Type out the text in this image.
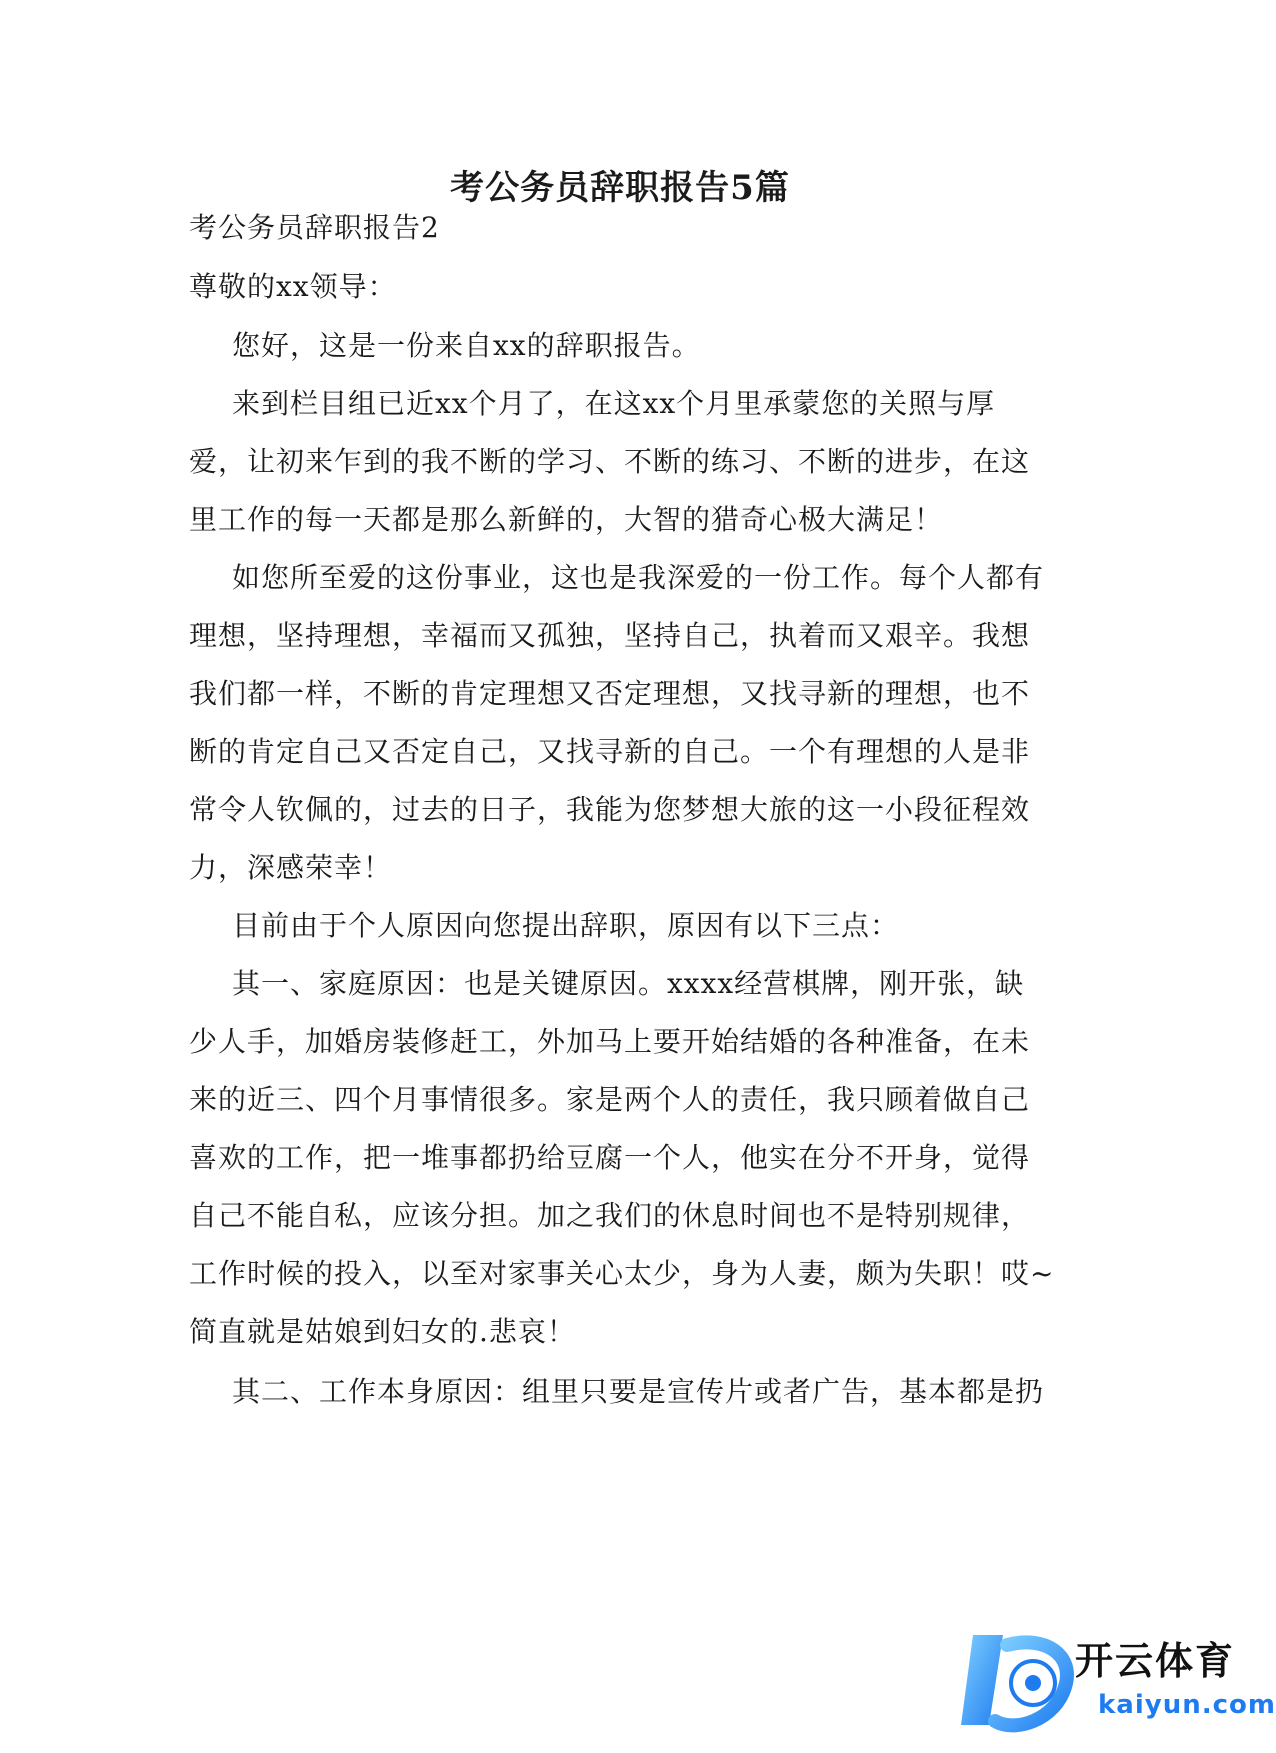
考公务员辞职报告5篇
考公务员辞职报告2
尊敬的xx领导：
您好，这是一份来自xx的辞职报告。
来到栏目组已近xx个月了，在这xx个月里承蒙您的关照与厚
爱，让初来乍到的我不断的学习、不断的练习、不断的进步，在这
里工作的每一天都是那么新鲜的，大智的猎奇心极大满足！
如您所至爱的这份事业，这也是我深爱的一份工作。每个人都有
理想，坚持理想，幸福而又孤独，坚持自己，执着而又艰辛。我想
我们都一样，不断的肯定理想又否定理想，又找寻新的理想，也不
断的肯定自己又否定自己，又找寻新的自己。一个有理想的人是非
常令人钦佩的，过去的日子，我能为您梦想大旅的这一小段征程效
力，深感荣幸！
目前由于个人原因向您提出辞职，原因有以下三点：
其一、家庭原因：也是关键原因。xxxx经营棋牌，刚开张，缺
少人手，加婚房装修赶工，外加马上要开始结婚的各种准备，在未
来的近三、四个月事情很多。家是两个人的责任，我只顾着做自己
喜欢的工作，把一堆事都扔给豆腐一个人，他实在分不开身，觉得
自己不能自私，应该分担。加之我们的休息时间也不是特别规律，
工作时候的投入，以至对家事关心太少，身为人妻，颇为失职！哎~
简直就是姑娘到妇女的.悲哀！
其二、工作本身原因：组里只要是宣传片或者广告，基本都是扔
开云体育
kaiyun.com
